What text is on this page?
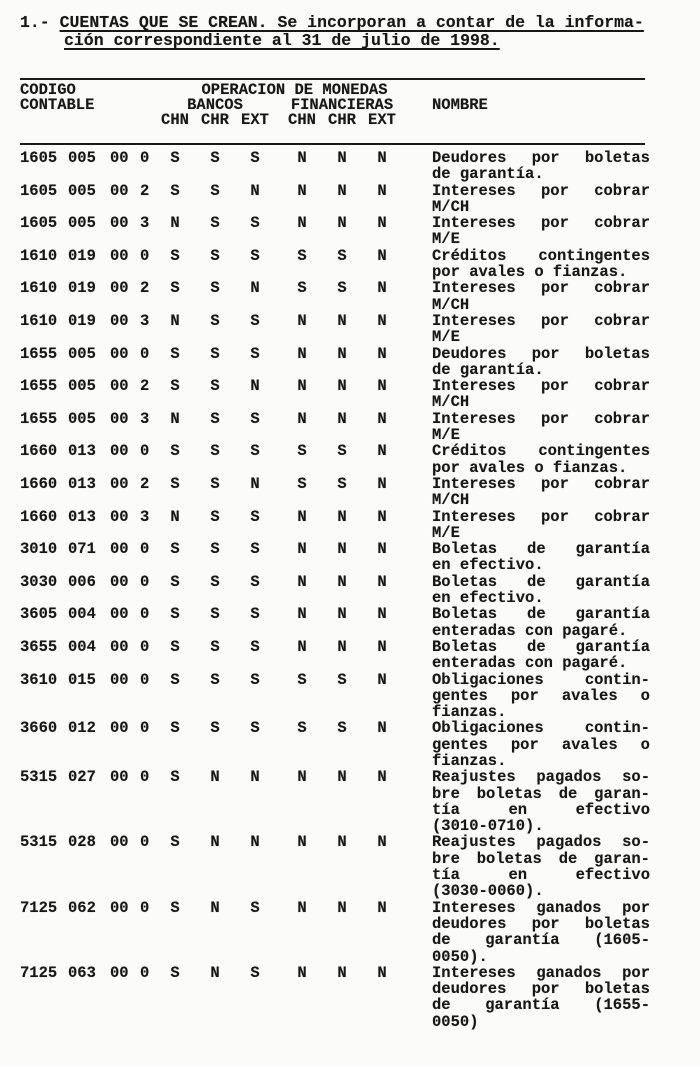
1.- CUENTAS QUE SE CREAN. Se incorporan a contar de la informa-
ción correspondiente al 31 de julio de 1998.
CODIGO	OPERACION DE MONEDAS
CONTABLE	BANCOS	FINANCIERAS	NOMBRE
CHN CHR EXT	CHN CHR EXT
1605 005 00 0	S	S	S	N	N	N	Deudores por boletas
de garantía.
1605 005 00 2	S	S	N	N	N	N	Intereses por cobrar
M/CH
1605 005 00 3	N	S	S	N	N	N	Intereses por cobrar
M/E
1610 019 00 0	S	S	S	S	S	N	Créditos contingentes
por avales o fianzas.
1610 019 00 2	S	S	N	S	S	N	Intereses por cobrar
M/CH
1610 019 00 3	N	S	S	N	N	N	Intereses por cobrar
M/E
1655 005 00 0	S	S	S	N	N	N	Deudores por boletas
de garantía.
1655 005 00 2	S	S	N	N	N	N	Intereses por cobrar
M/CH
1655 005 00 3	N	S	S	N	N	N	Intereses por cobrar
M/E
1660 013 00 0	S	S	S	S	S	N	Créditos contingentes
por avales o fianzas.
1660 013 00 2	S	S	N	S	S	N	Intereses por cobrar
M/CH
1660 013 00 3	N	S	S	N	N	N	Intereses por cobrar
M/E
3010 071 00 0	S	S	S	N	N	N	Boletas de garantía
en efectivo.
3030 006 00 0	S	S	S	N	N	N	Boletas de garantía
en efectivo.
3605 004 00 0	S	S	S	N	N	N	Boletas de garantía
enteradas con pagaré.
3655 004 00 0	S	S	S	N	N	N	Boletas de garantía
enteradas con pagaré.
3610 015 00 0	S	S	S	S	S	N	Obligaciones	contin-
gentes por avales o
fianzas.
3660 012 00 0	S	S	S	S	S	N	Obligaciones	contin-
gentes por avales o
fianzas.
5315 027 00 0	S	N	N	N	N	N	Reajustes pagados so-
bre boletas de garan-
tía	en	efectivo
(3010-0710).
5315 028 00 0	S	N	N	N	N	N	Reajustes pagados so-
bre boletas de garan-
tía	en	efectivo
(3030-0060).
7125 062 00 0	S	N	S	N	N	N	Intereses ganados por
deudores por boletas
de garantía (1605-
0050).
7125 063 00 0	S	N	S	N	N	N	Intereses ganados por
deudores por boletas
de garantía (1655-
0050)
